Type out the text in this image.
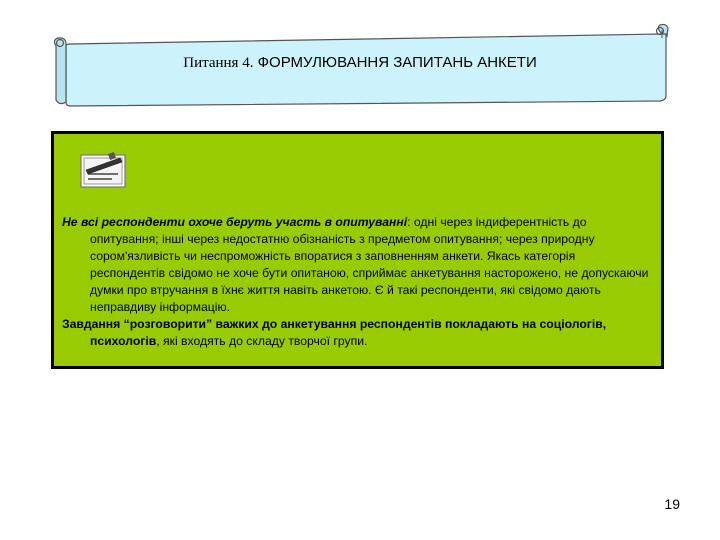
Питання 4. ФОРМУЛЮВАННЯ ЗАПИТАНЬ АНКЕТИ

Не всі респонденти охоче беруть участь в опитуванні: одні через індиферентність до опитування; інші через недостатню обізнаність з предметом опитування; через природну сором'язливість чи неспроможність впоратися з заповненням анкети. Якась категорія респондентів свідомо не хоче бути опитаною, сприймає анкетування насторожено, не допускаючи думки про втручання в їхнє життя навіть анкетою. Є й такі респонденти, які свідомо дають неправдиву інформацію.

Завдання “розговорити” важких до анкетування респондентів покладають на соціологів, психологів, які входять до складу творчої групи.

19
